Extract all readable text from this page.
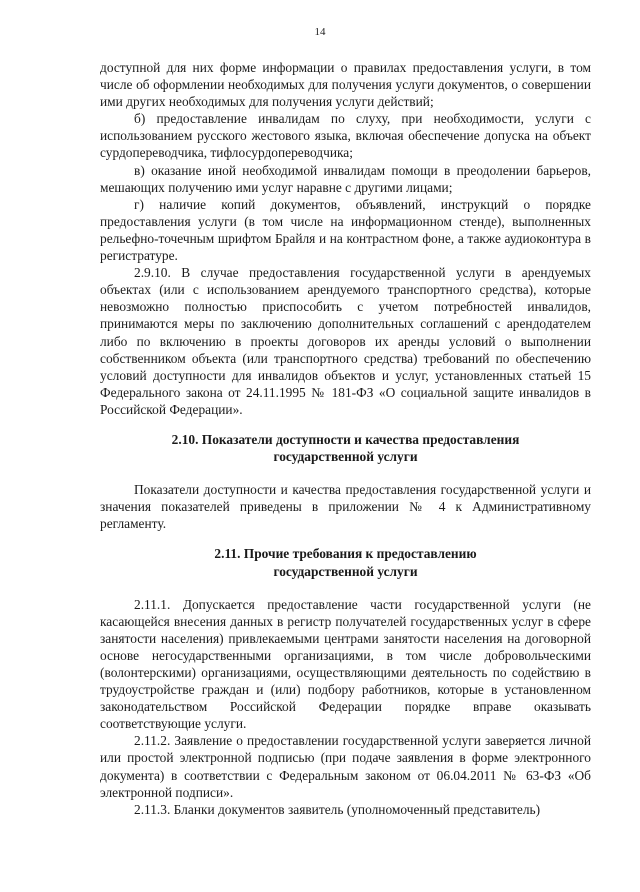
14

доступной для них форме информации о правилах предоставления услуги, в том числе об оформлении необходимых для получения услуги документов, о совершении ими других необходимых для получения услуги действий;

б) предоставление инвалидам по слуху, при необходимости, услуги с использованием русского жестового языка, включая обеспечение допуска на объект сурдопереводчика, тифлосурдопереводчика;

в) оказание иной необходимой инвалидам помощи в преодолении барьеров, мешающих получению ими услуг наравне с другими лицами;

г) наличие копий документов, объявлений, инструкций о порядке предоставления услуги (в том числе на информационном стенде), выполненных рельефно-точечным шрифтом Брайля и на контрастном фоне, а также аудиоконтура в регистратуре.

2.9.10. В случае предоставления государственной услуги в арендуемых объектах (или с использованием арендуемого транспортного средства), которые невозможно полностью приспособить с учетом потребностей инвалидов, принимаются меры по заключению дополнительных соглашений с арендодателем либо по включению в проекты договоров их аренды условий о выполнении собственником объекта (или транспортного средства) требований по обеспечению условий доступности для инвалидов объектов и услуг, установленных статьей 15 Федерального закона от 24.11.1995 № 181-ФЗ «О социальной защите инвалидов в Российской Федерации».

2.10. Показатели доступности и качества предоставления
государственной услуги

Показатели доступности и качества предоставления государственной услуги и значения показателей приведены в приложении № 4 к Административному регламенту.

2.11. Прочие требования к предоставлению
государственной услуги

2.11.1. Допускается предоставление части государственной услуги (не касающейся внесения данных в регистр получателей государственных услуг в сфере занятости населения) привлекаемыми центрами занятости населения на договорной основе негосударственными организациями, в том числе добровольческими (волонтерскими) организациями, осуществляющими деятельность по содействию в трудоустройстве граждан и (или) подбору работников, которые в установленном законодательством Российской Федерации порядке вправе оказывать соответствующие услуги.

2.11.2. Заявление о предоставлении государственной услуги заверяется личной или простой электронной подписью (при подаче заявления в форме электронного документа) в соответствии с Федеральным законом от 06.04.2011 № 63-ФЗ «Об электронной подписи».

2.11.3. Бланки документов заявитель (уполномоченный представитель)
